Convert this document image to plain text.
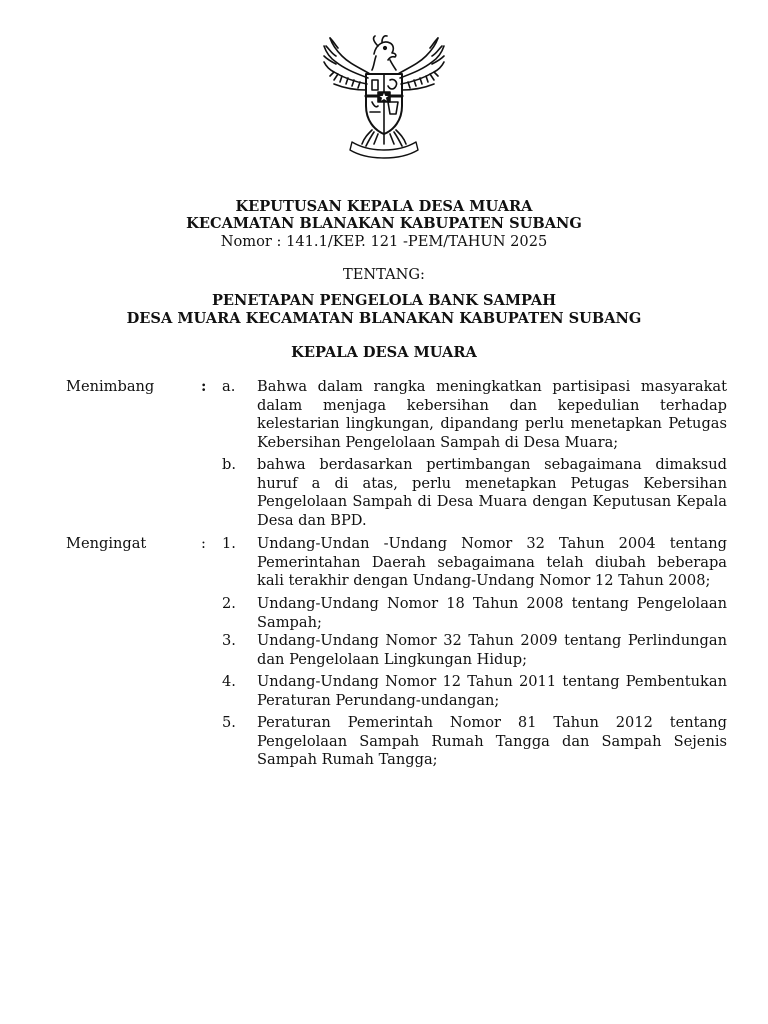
KEPUTUSAN KEPALA DESA MUARA
KECAMATAN BLANAKAN KABUPATEN SUBANG
Nomor : 141.1/KEP. 121 -PEM/TAHUN 2025
TENTANG:
PENETAPAN PENGELOLA BANK SAMPAH
DESA MUARA KECAMATAN BLANAKAN KABUPATEN SUBANG
KEPALA DESA MUARA
Menimbang	: a. Bahwa dalam rangka meningkatkan partisipasi masyarakat
dalam menjaga kebersihan dan kepedulian terhadap
kelestarian lingkungan, dipandang perlu menetapkan Petugas
Kebersihan Pengelolaan Sampah di Desa Muara;
b. bahwa berdasarkan pertimbangan sebagaimana dimaksud
huruf a di atas, perlu menetapkan Petugas Kebersihan
Pengelolaan Sampah di Desa Muara dengan Keputusan Kepala
Desa dan BPD.
Mengingat	: 1. Undang-Undan -Undang Nomor 32 Tahun 2004 tentang
Pemerintahan Daerah sebagaimana telah diubah beberapa
kali terakhir dengan Undang-Undang Nomor 12 Tahun 2008;
2. Undang-Undang Nomor 18 Tahun 2008 tentang Pengelolaan
Sampah;
3. Undang-Undang Nomor 32 Tahun 2009 tentang Perlindungan
dan Pengelolaan Lingkungan Hidup;
4. Undang-Undang Nomor 12 Tahun 2011 tentang Pembentukan
Peraturan Perundang-undangan;
5. Peraturan Pemerintah Nomor 81 Tahun 2012 tentang
Pengelolaan Sampah Rumah Tangga dan Sampah Sejenis
Sampah Rumah Tangga;
